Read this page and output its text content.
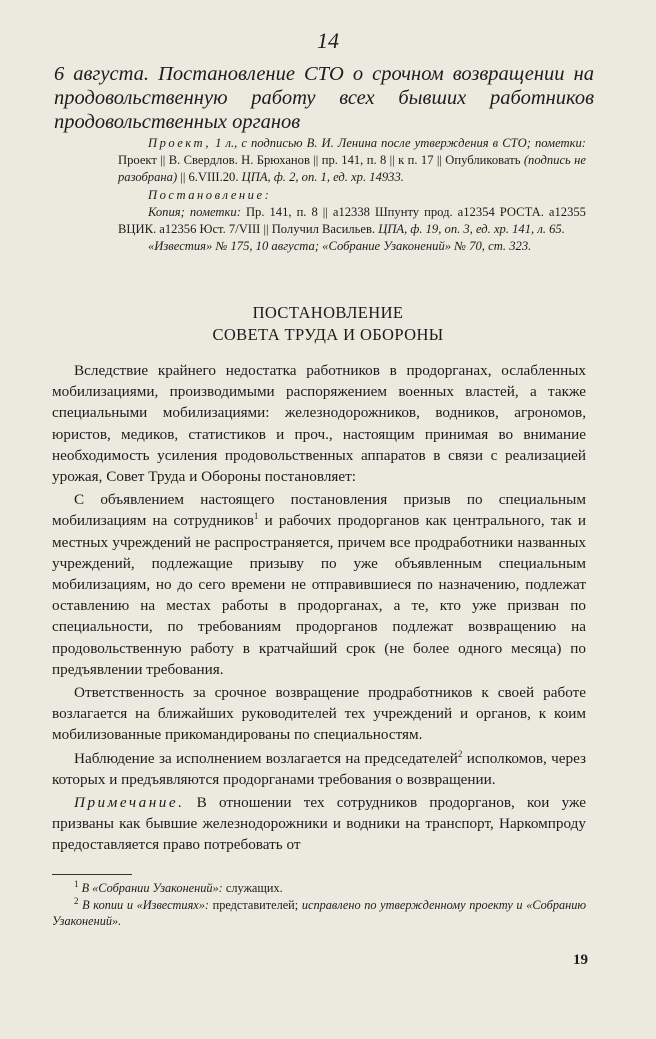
14
6 августа. Постановление СТО о срочном возвращении на продовольственную работу всех бывших работников продовольственных органов

Проект, 1 л., с подписью В. И. Ленина после утверждения в СТО; пометки: Проект || В. Свердлов. Н. Брюханов || пр. 141, п. 8 || к п. 17 || Опубликовать (подпись не разобрана) || 6.VIII.20. ЦПА, ф. 2, оп. 1, ед. хр. 14933.

Постановление:

Копия; пометки: Пр. 141, п. 8 || а12338 Шпунту прод. а12354 РОСТА. а12355 ВЦИК. а12356 Юст. 7/VIII || Получил Васильев. ЦПА, ф. 19, оп. 3, ед. хр. 141, л. 65.

«Известия» № 175, 10 августа; «Собрание Узаконений» № 70, ст. 323.

ПОСТАНОВЛЕНИЕ
СОВЕТА ТРУДА И ОБОРОНЫ

Вследствие крайнего недостатка работников в продорганах, ослабленных мобилизациями, производимыми распоряжением военных властей, а также специальными мобилизациями: железнодорожников, водников, агрономов, юристов, медиков, статистиков и проч., настоящим принимая во внимание необходимость усиления продовольственных аппаратов в связи с реализацией урожая, Совет Труда и Обороны постановляет:

С объявлением настоящего постановления призыв по специальным мобилизациям на сотрудников$^1$ и рабочих продорганов как центрального, так и местных учреждений не распространяется, причем все продработники названных учреждений, подлежащие призыву по уже объявленным специальным мобилизациям, но до сего времени не отправившиеся по назначению, подлежат оставлению на местах работы в продорганах, а те, кто уже призван по специальности, по требованиям продорганов подлежат возвращению на продовольственную работу в кратчайший срок (не более одного месяца) по предъявлении требования.

Ответственность за срочное возвращение продработников к своей работе возлагается на ближайших руководителей тех учреждений и органов, к коим мобилизованные прикомандированы по специальностям.

Наблюдение за исполнением возлагается на председателей$^2$ исполкомов, через которых и предъявляются продорганами требования о возвращении.

Примечание. В отношении тех сотрудников продорганов, кои уже призваны как бывшие железнодорожники и водники на транспорт, Наркомпроду предоставляется право потребовать от

$^1$ В «Собрании Узаконений»: служащих.

$^2$ В копии и «Известиях»: представителей; исправлено по утвержденному проекту и «Собранию Узаконений».

19
